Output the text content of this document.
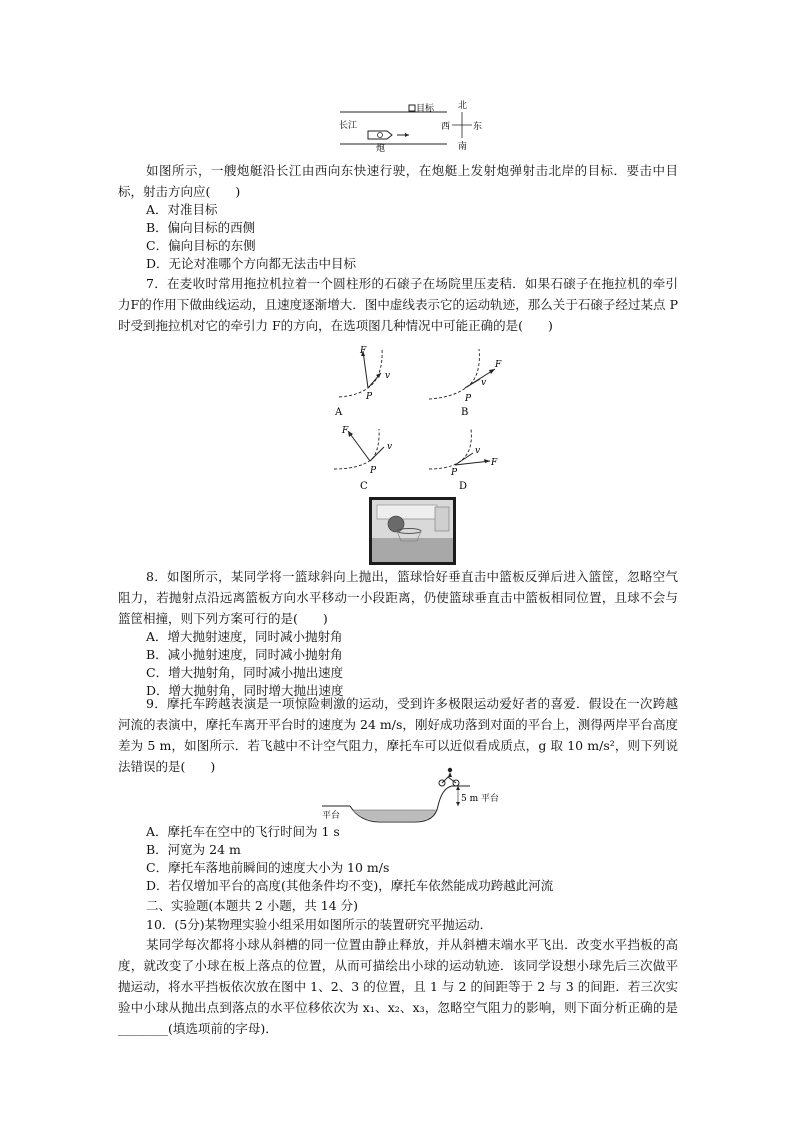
目标
长江
炮
北
南
西	东
如图所示，一艘炮艇沿长江由西向东快速行驶，在炮艇上发射炮弹射击北岸的目标．要击中目标，射击方向应(　　)
A．对准目标
B．偏向目标的西侧
C．偏向目标的东侧
D．无论对准哪个方向都无法击中目标
7．在麦收时常用拖拉机拉着一个圆柱形的石磙子在场院里压麦秸．如果石磙子在拖拉机的牵引力F的作用下做曲线运动，且速度逐渐增大．图中虚线表示它的运动轨迹，那么关于石磙子经过某点 P时受到拖拉机对它的牵引力 F的方向，在选项图几种情况中可能正确的是(　　)
F
v
P
A
F
v
P
B
F
v
P
C
F
v
P
D
8．如图所示，某同学将一篮球斜向上抛出，篮球恰好垂直击中篮板反弹后进入篮筐，忽略空气阻力，若抛射点沿远离篮板方向水平移动一小段距离，仍使篮球垂直击中篮板相同位置，且球不会与篮筐相撞，则下列方案可行的是(　　)
A．增大抛射速度，同时减小抛射角
B．减小抛射速度，同时减小抛射角
C．增大抛射角，同时减小抛出速度
D．增大抛射角，同时增大抛出速度
9．摩托车跨越表演是一项惊险刺激的运动，受到许多极限运动爱好者的喜爱．假设在一次跨越河流的表演中，摩托车离开平台时的速度为 24 m/s，刚好成功落到对面的平台上，测得两岸平台高度差为 5 m，如图所示．若飞越中不计空气阻力，摩托车可以近似看成质点，g 取 10 m/s²，则下列说法错误的是(　　)
平台
5 m 平台
A．摩托车在空中的飞行时间为 1 s
B．河宽为 24 m
C．摩托车落地前瞬间的速度大小为 10 m/s
D．若仅增加平台的高度(其他条件均不变)，摩托车依然能成功跨越此河流
二、实验题(本题共 2 小题，共 14 分)
10．(5分)某物理实验小组采用如图所示的装置研究平抛运动．
某同学每次都将小球从斜槽的同一位置由静止释放，并从斜槽末端水平飞出．改变水平挡板的高度，就改变了小球在板上落点的位置，从而可描绘出小球的运动轨迹．该同学设想小球先后三次做平抛运动，将水平挡板依次放在图中 1、2、3 的位置，且 1 与 2 的间距等于 2 与 3 的间距．若三次实验中小球从抛出点到落点的水平位移依次为 x₁、x₂、x₃，忽略空气阻力的影响，则下面分析正确的是________(填选项前的字母)．
